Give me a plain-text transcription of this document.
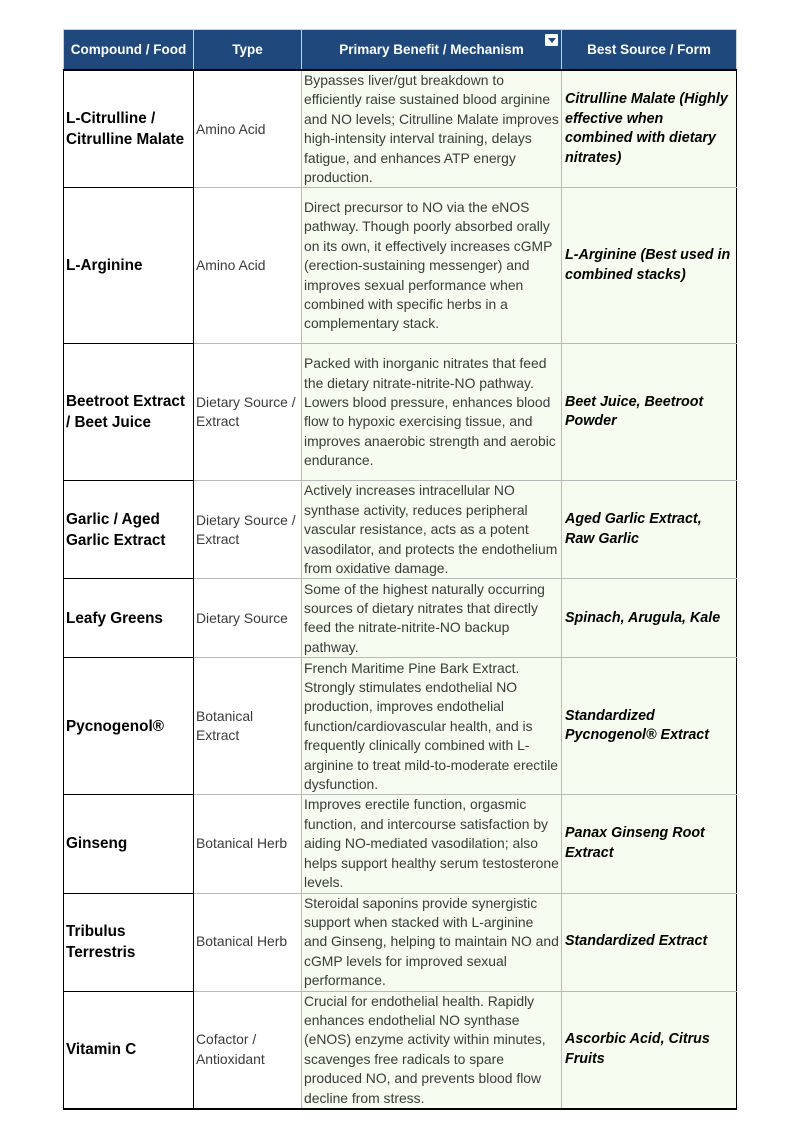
Compound / Food	Type	Primary Benefit / Mechanism	Best Source / Form
L-Citrulline / Citrulline Malate	Amino Acid	Bypasses liver/gut breakdown to efficiently raise sustained blood arginine and NO levels; Citrulline Malate improves high-intensity interval training, delays fatigue, and enhances ATP energy production.	Citrulline Malate (Highly effective when combined with dietary nitrates)
L-Arginine	Amino Acid	Direct precursor to NO via the eNOS pathway. Though poorly absorbed orally on its own, it effectively increases cGMP (erection-sustaining messenger) and improves sexual performance when combined with specific herbs in a complementary stack.	L-Arginine (Best used in combined stacks)
Beetroot Extract / Beet Juice	Dietary Source / Extract	Packed with inorganic nitrates that feed the dietary nitrate-nitrite-NO pathway. Lowers blood pressure, enhances blood flow to hypoxic exercising tissue, and improves anaerobic strength and aerobic endurance.	Beet Juice, Beetroot Powder
Garlic / Aged Garlic Extract	Dietary Source / Extract	Actively increases intracellular NO synthase activity, reduces peripheral vascular resistance, acts as a potent vasodilator, and protects the endothelium from oxidative damage.	Aged Garlic Extract, Raw Garlic
Leafy Greens	Dietary Source	Some of the highest naturally occurring sources of dietary nitrates that directly feed the nitrate-nitrite-NO backup pathway.	Spinach, Arugula, Kale
Pycnogenol®	Botanical Extract	French Maritime Pine Bark Extract. Strongly stimulates endothelial NO production, improves endothelial function/cardiovascular health, and is frequently clinically combined with L-arginine to treat mild-to-moderate erectile dysfunction.	Standardized Pycnogenol® Extract
Ginseng	Botanical Herb	Improves erectile function, orgasmic function, and intercourse satisfaction by aiding NO-mediated vasodilation; also helps support healthy serum testosterone levels.	Panax Ginseng Root Extract
Tribulus Terrestris	Botanical Herb	Steroidal saponins provide synergistic support when stacked with L-arginine and Ginseng, helping to maintain NO and cGMP levels for improved sexual performance.	Standardized Extract
Vitamin C	Cofactor / Antioxidant	Crucial for endothelial health. Rapidly enhances endothelial NO synthase (eNOS) enzyme activity within minutes, scavenges free radicals to spare produced NO, and prevents blood flow decline from stress.	Ascorbic Acid, Citrus Fruits
